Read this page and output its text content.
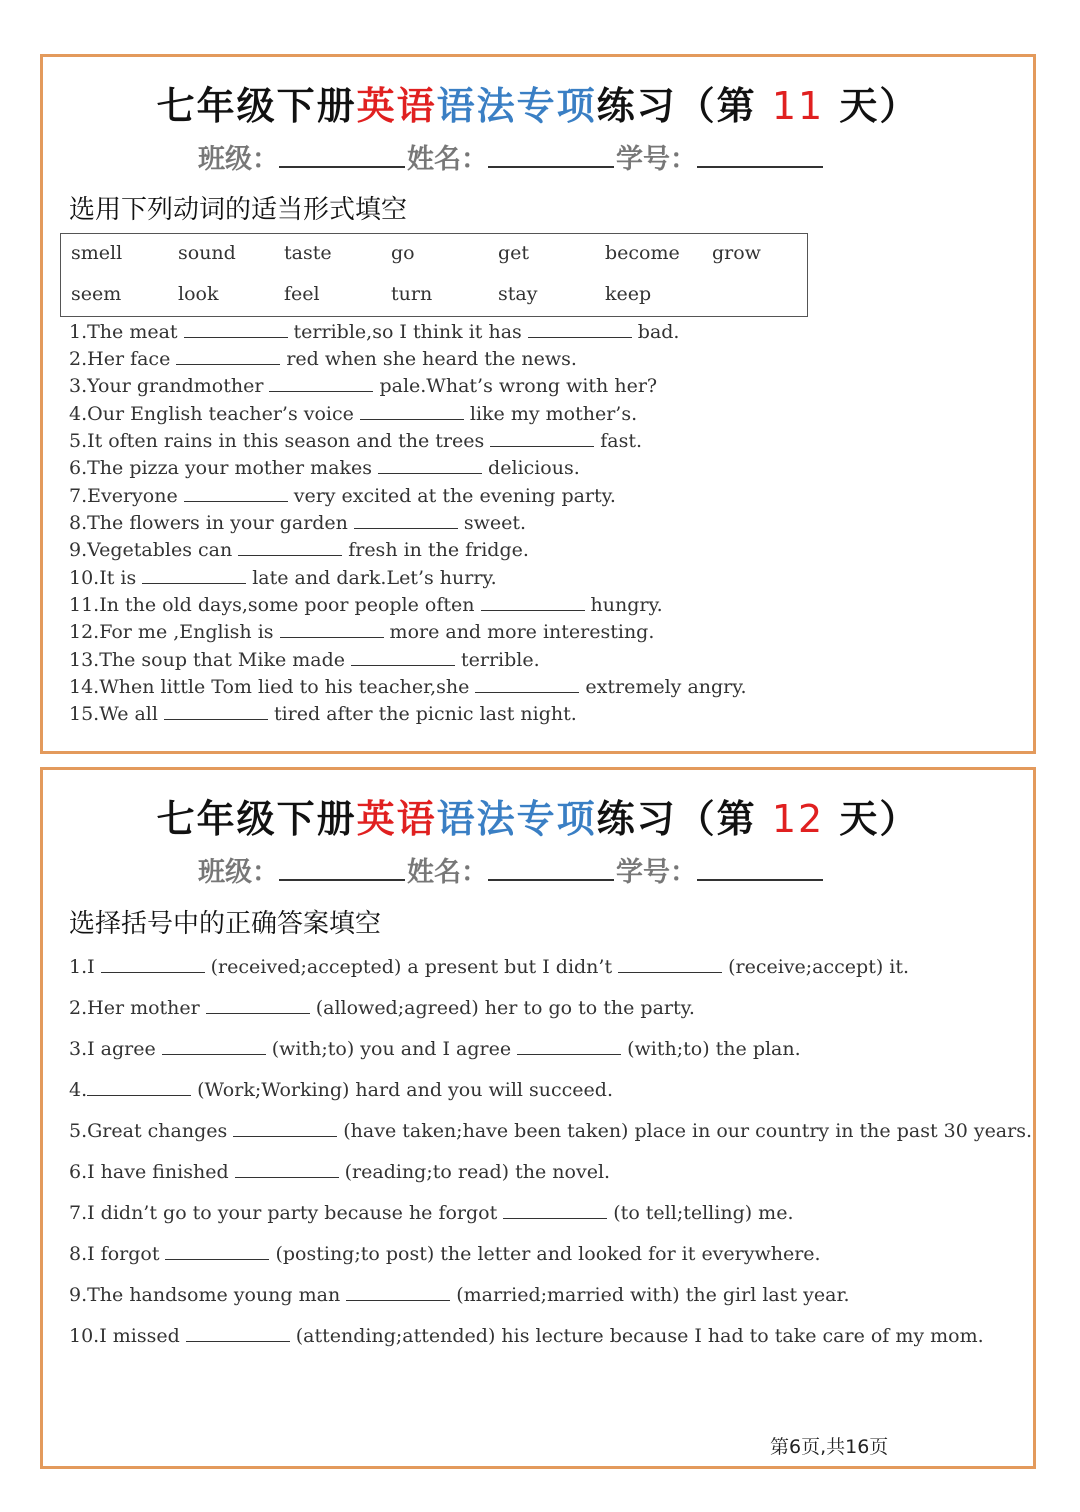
七年级下册英语语法专项练习（第 11 天）
班级：	姓名：	学号：
选用下列动词的适当形式填空
smell	sound	taste	go	get	become grow
seem	look	feel	turn	stay	keep
1.The meat	terrible,so I think it has	bad.
2.Her face	red when she heard the news.
3.Your grandmother	pale.What’s wrong with her?
4.Our English teacher’s voice	like my mother’s.
5.It often rains in this season and the trees	fast.
6.The pizza your mother makes	delicious.
7.Everyone	very excited at the evening party.
8.The flowers in your garden	sweet.
9.Vegetables can	fresh in the fridge.
10.It is	late and dark.Let’s hurry.
11.In the old days,some poor people often	hungry.
12.For me ,English is	more and more interesting.
13.The soup that Mike made	terrible.
14.When little Tom lied to his teacher,she	extremely angry.
15.We all	tired after the picnic last night.
七年级下册英语语法专项练习（第 12 天）
班级：	姓名：	学号：
选择括号中的正确答案填空
1.I	(received;accepted) a present but I didn’t	(receive;accept) it.
2.Her mother	(allowed;agreed) her to go to the party.
3.I agree	(with;to) you and I agree	(with;to) the plan.
4.	(Work;Working) hard and you will succeed.
5.Great changes	(have taken;have been taken) place in our country in the past 30 years.
6.I have finished	(reading;to read) the novel.
7.I didn’t go to your party because he forgot	(to tell;telling) me.
8.I forgot	(posting;to post) the letter and looked for it everywhere.
9.The handsome young man	(married;married with) the girl last year.
10.I missed	(attending;attended) his lecture because I had to take care of my mom.
第6页,共16页
